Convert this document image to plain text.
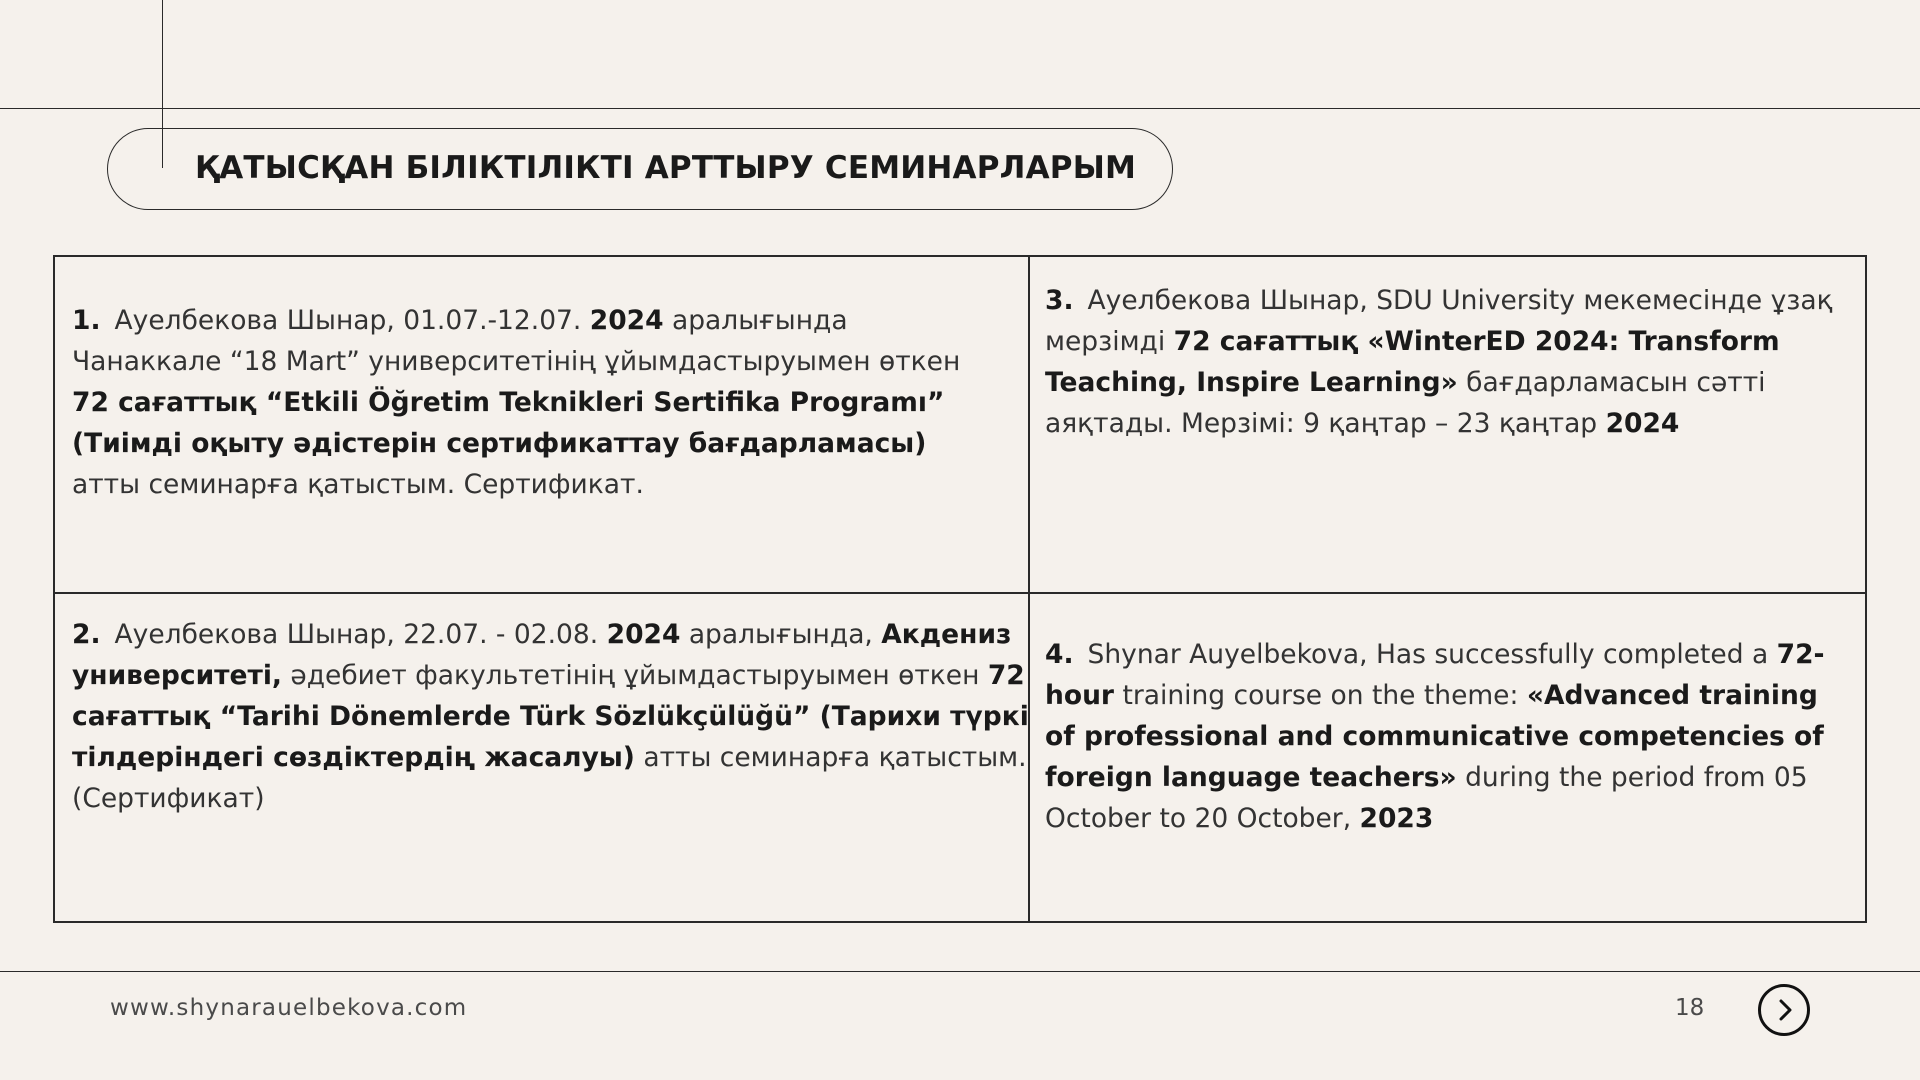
ҚАТЫСҚАН БІЛІКТІЛІКТІ АРТТЫРУ СЕМИНАРЛАРЫМ
1. Ауелбекова Шынар, 01.07.-12.07. 2024 аралығында Чанаккале “18 Mart” университетінің ұйымдастыруымен өткен 72 сағаттық “Etkili Öğretim Teknikleri Sertifika Programı” (Тиімді оқыту әдістерін сертификаттау бағдарламасы) атты семинарға қатыстым. Сертификат.
2. Ауелбекова Шынар, 22.07. - 02.08. 2024 аралығында, Акдениз университеті, әдебиет факультетінің ұйымдастыруымен өткен 72 сағаттық “Tarihi Dönemlerde Türk Sözlükçülüğü” (Тарихи түркі тілдеріндегі сөздіктердің жасалуы) атты семинарға қатыстым. (Сертификат)
3. Ауелбекова Шынар, SDU University мекемесінде ұзақ мерзімді 72 сағаттық «WinterED 2024: Transform Teaching, Inspire Learning» бағдарламасын сәтті аяқтады. Мерзімі: 9 қаңтар – 23 қаңтар 2024
4. Shynar Auyelbekova, Has successfully completed a 72- hour training course on the theme: «Advanced training of professional and communicative competencies of foreign language teachers» during the period from 05 October to 20 October, 2023
www.shynarauelbekova.com	18
